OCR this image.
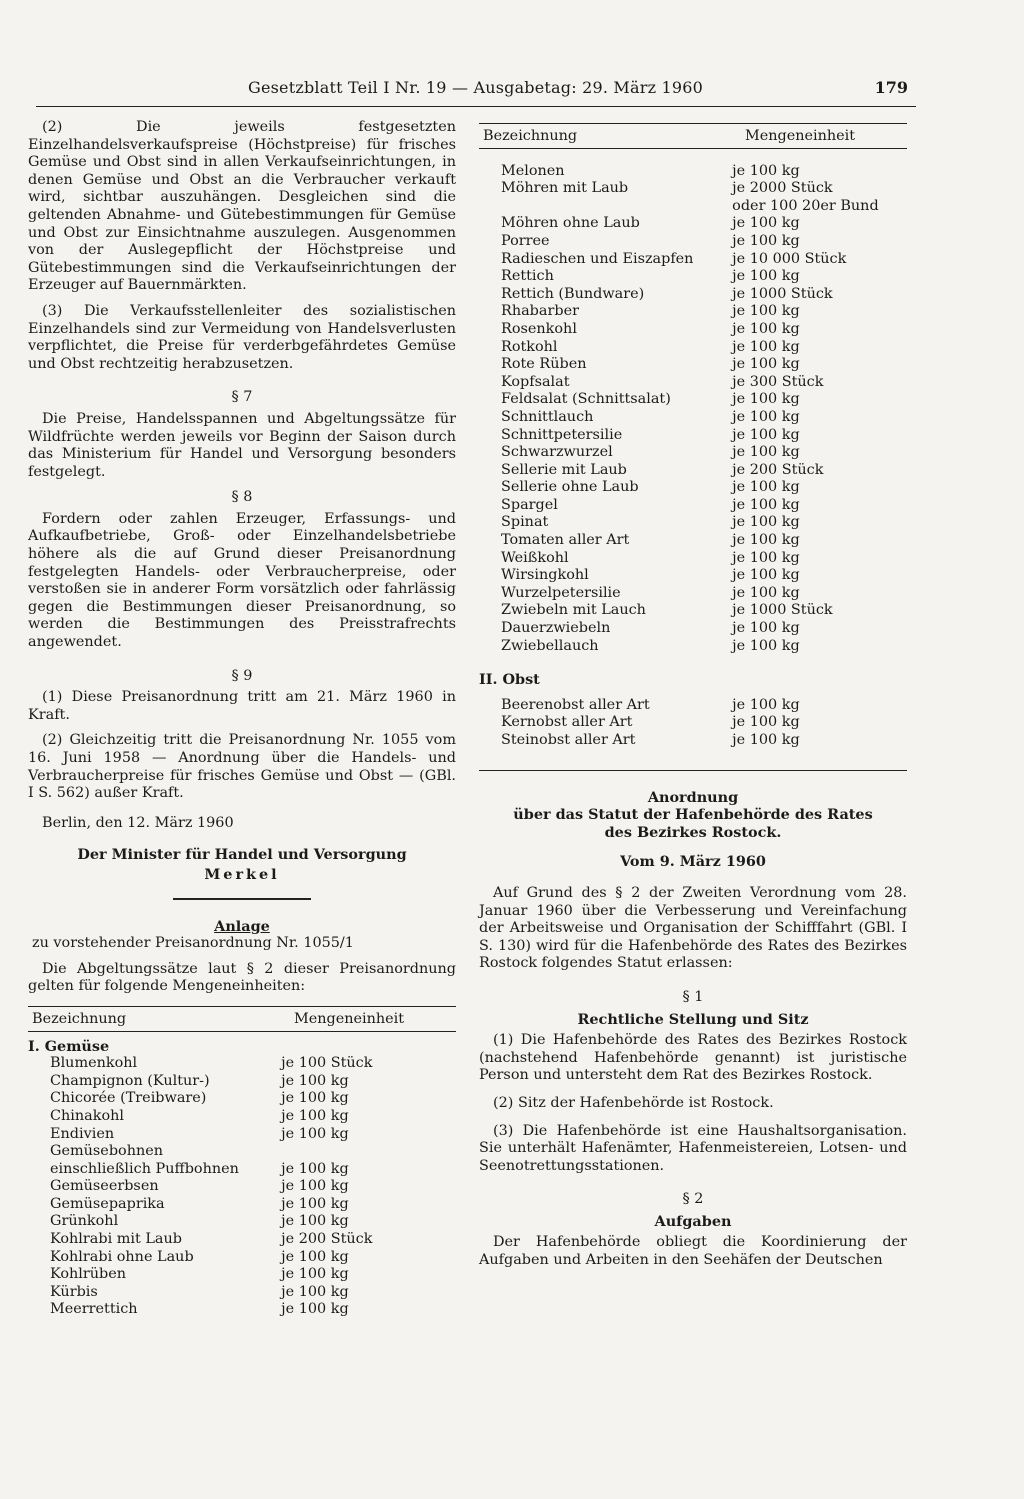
Gesetzblatt Teil I Nr. 19 — Ausgabetag: 29. März 1960	179

(2) Die jeweils festgesetzten Einzelhandelsverkaufspreise (Höchstpreise) für frisches Gemüse und Obst sind in allen Verkaufseinrichtungen, in denen Gemüse und Obst an die Verbraucher verkauft wird, sichtbar auszuhängen. Desgleichen sind die geltenden Abnahme- und Gütebestimmungen für Gemüse und Obst zur Einsichtnahme auszulegen. Ausgenommen von der Auslegepflicht der Höchstpreise und Gütebestimmungen sind die Verkaufseinrichtungen der Erzeuger auf Bauernmärkten.

(3) Die Verkaufsstellenleiter des sozialistischen Einzelhandels sind zur Vermeidung von Handelsverlusten verpflichtet, die Preise für verderbgefährdetes Gemüse und Obst rechtzeitig herabzusetzen.

§ 7

Die Preise, Handelsspannen und Abgeltungssätze für Wildfrüchte werden jeweils vor Beginn der Saison durch das Ministerium für Handel und Versorgung besonders festgelegt.

§ 8

Fordern oder zahlen Erzeuger, Erfassungs- und Aufkaufbetriebe, Groß- oder Einzelhandelsbetriebe höhere als die auf Grund dieser Preisanordnung festgelegten Handels- oder Verbraucherpreise, oder verstoßen sie in anderer Form vorsätzlich oder fahrlässig gegen die Bestimmungen dieser Preisanordnung, so werden die Bestimmungen des Preisstrafrechts angewendet.

§ 9

(1) Diese Preisanordnung tritt am 21. März 1960 in Kraft.

(2) Gleichzeitig tritt die Preisanordnung Nr. 1055 vom 16. Juni 1958 — Anordnung über die Handels- und Verbraucherpreise für frisches Gemüse und Obst — (GBl. I S. 562) außer Kraft.

Berlin, den 12. März 1960

Der Minister für Handel und Versorgung
Merkel
Anlage

zu vorstehender Preisanordnung Nr. 1055/1

Die Abgeltungssätze laut § 2 dieser Preisanordnung gelten für folgende Mengeneinheiten:

Bezeichnung	Mengeneinheit
I. Gemüse
Blumenkohl	je 100 Stück
Champignon (Kultur-)	je 100 kg
Chicorée (Treibware)	je 100 kg
Chinakohl	je 100 kg
Endivien	je 100 kg
Gemüsebohnen
einschließlich Puffbohnen	je 100 kg
Gemüseerbsen	je 100 kg
Gemüsepaprika	je 100 kg
Grünkohl	je 100 kg
Kohlrabi mit Laub	je 200 Stück
Kohlrabi ohne Laub	je 100 kg
Kohlrüben	je 100 kg
Kürbis	je 100 kg
Meerrettich	je 100 kg
Bezeichnung	Mengeneinheit
Melonen	je 100 kg
Möhren mit Laub	je 2000 Stück
oder 100 20er Bund
Möhren ohne Laub	je 100 kg
Porree	je 100 kg
Radieschen und Eiszapfen	je 10 000 Stück
Rettich	je 100 kg
Rettich (Bundware)	je 1000 Stück
Rhabarber	je 100 kg
Rosenkohl	je 100 kg
Rotkohl	je 100 kg
Rote Rüben	je 100 kg
Kopfsalat	je 300 Stück
Feldsalat (Schnittsalat)	je 100 kg
Schnittlauch	je 100 kg
Schnittpetersilie	je 100 kg
Schwarzwurzel	je 100 kg
Sellerie mit Laub	je 200 Stück
Sellerie ohne Laub	je 100 kg
Spargel	je 100 kg
Spinat	je 100 kg
Tomaten aller Art	je 100 kg
Weißkohl	je 100 kg
Wirsingkohl	je 100 kg
Wurzelpetersilie	je 100 kg
Zwiebeln mit Lauch	je 1000 Stück
Dauerzwiebeln	je 100 kg
Zwiebellauch	je 100 kg
II. Obst
Beerenobst aller Art	je 100 kg
Kernobst aller Art	je 100 kg
Steinobst aller Art	je 100 kg
Anordnung
über das Statut der Hafenbehörde des Rates
des Bezirkes Rostock.
Vom 9. März 1960

Auf Grund des § 2 der Zweiten Verordnung vom 28. Januar 1960 über die Verbesserung und Vereinfachung der Arbeitsweise und Organisation der Schifffahrt (GBl. I S. 130) wird für die Hafenbehörde des Rates des Bezirkes Rostock folgendes Statut erlassen:

§ 1
Rechtliche Stellung und Sitz

(1) Die Hafenbehörde des Rates des Bezirkes Rostock (nachstehend Hafenbehörde genannt) ist juristische Person und untersteht dem Rat des Bezirkes Rostock.

(2) Sitz der Hafenbehörde ist Rostock.

(3) Die Hafenbehörde ist eine Haushaltsorganisation. Sie unterhält Hafenämter, Hafenmeistereien, Lotsen- und Seenotrettungsstationen.

§ 2
Aufgaben

Der Hafenbehörde obliegt die Koordinierung der Aufgaben und Arbeiten in den Seehäfen der Deutschen
